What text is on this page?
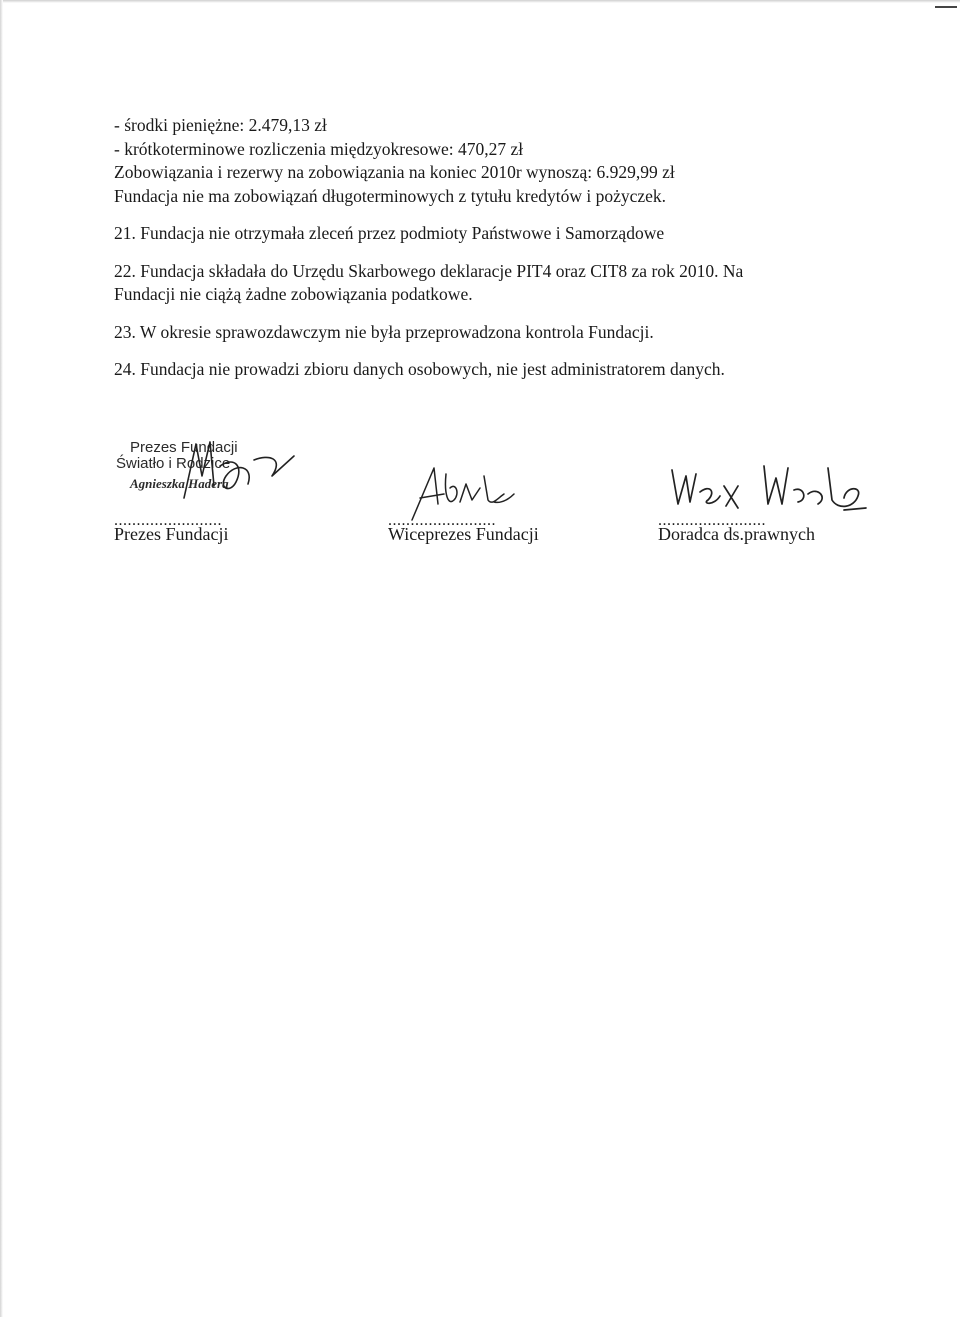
- środki pieniężne: 2.479,13 zł
- krótkoterminowe rozliczenia międzyokresowe: 470,27 zł
Zobowiązania i rezerwy na zobowiązania na koniec 2010r wynoszą: 6.929,99 zł
Fundacja nie ma zobowiązań długoterminowych z tytułu kredytów i pożyczek.
21. Fundacja nie otrzymała zleceń przez podmioty Państwowe i Samorządowe
22. Fundacja składała do Urzędu Skarbowego deklaracje PIT4 oraz CIT8 za rok 2010. Na
Fundacji nie ciążą żadne zobowiązania podatkowe.
23. W okresie sprawozdawczym nie była przeprowadzona kontrola Fundacji.
24. Fundacja nie prowadzi zbioru danych osobowych, nie jest administratorem danych.
Prezes Fundacji
Światło i Rodzice
Agnieszka Hadera
........................
Prezes Fundacji
........................
Wiceprezes Fundacji
........................
Doradca ds.prawnych
